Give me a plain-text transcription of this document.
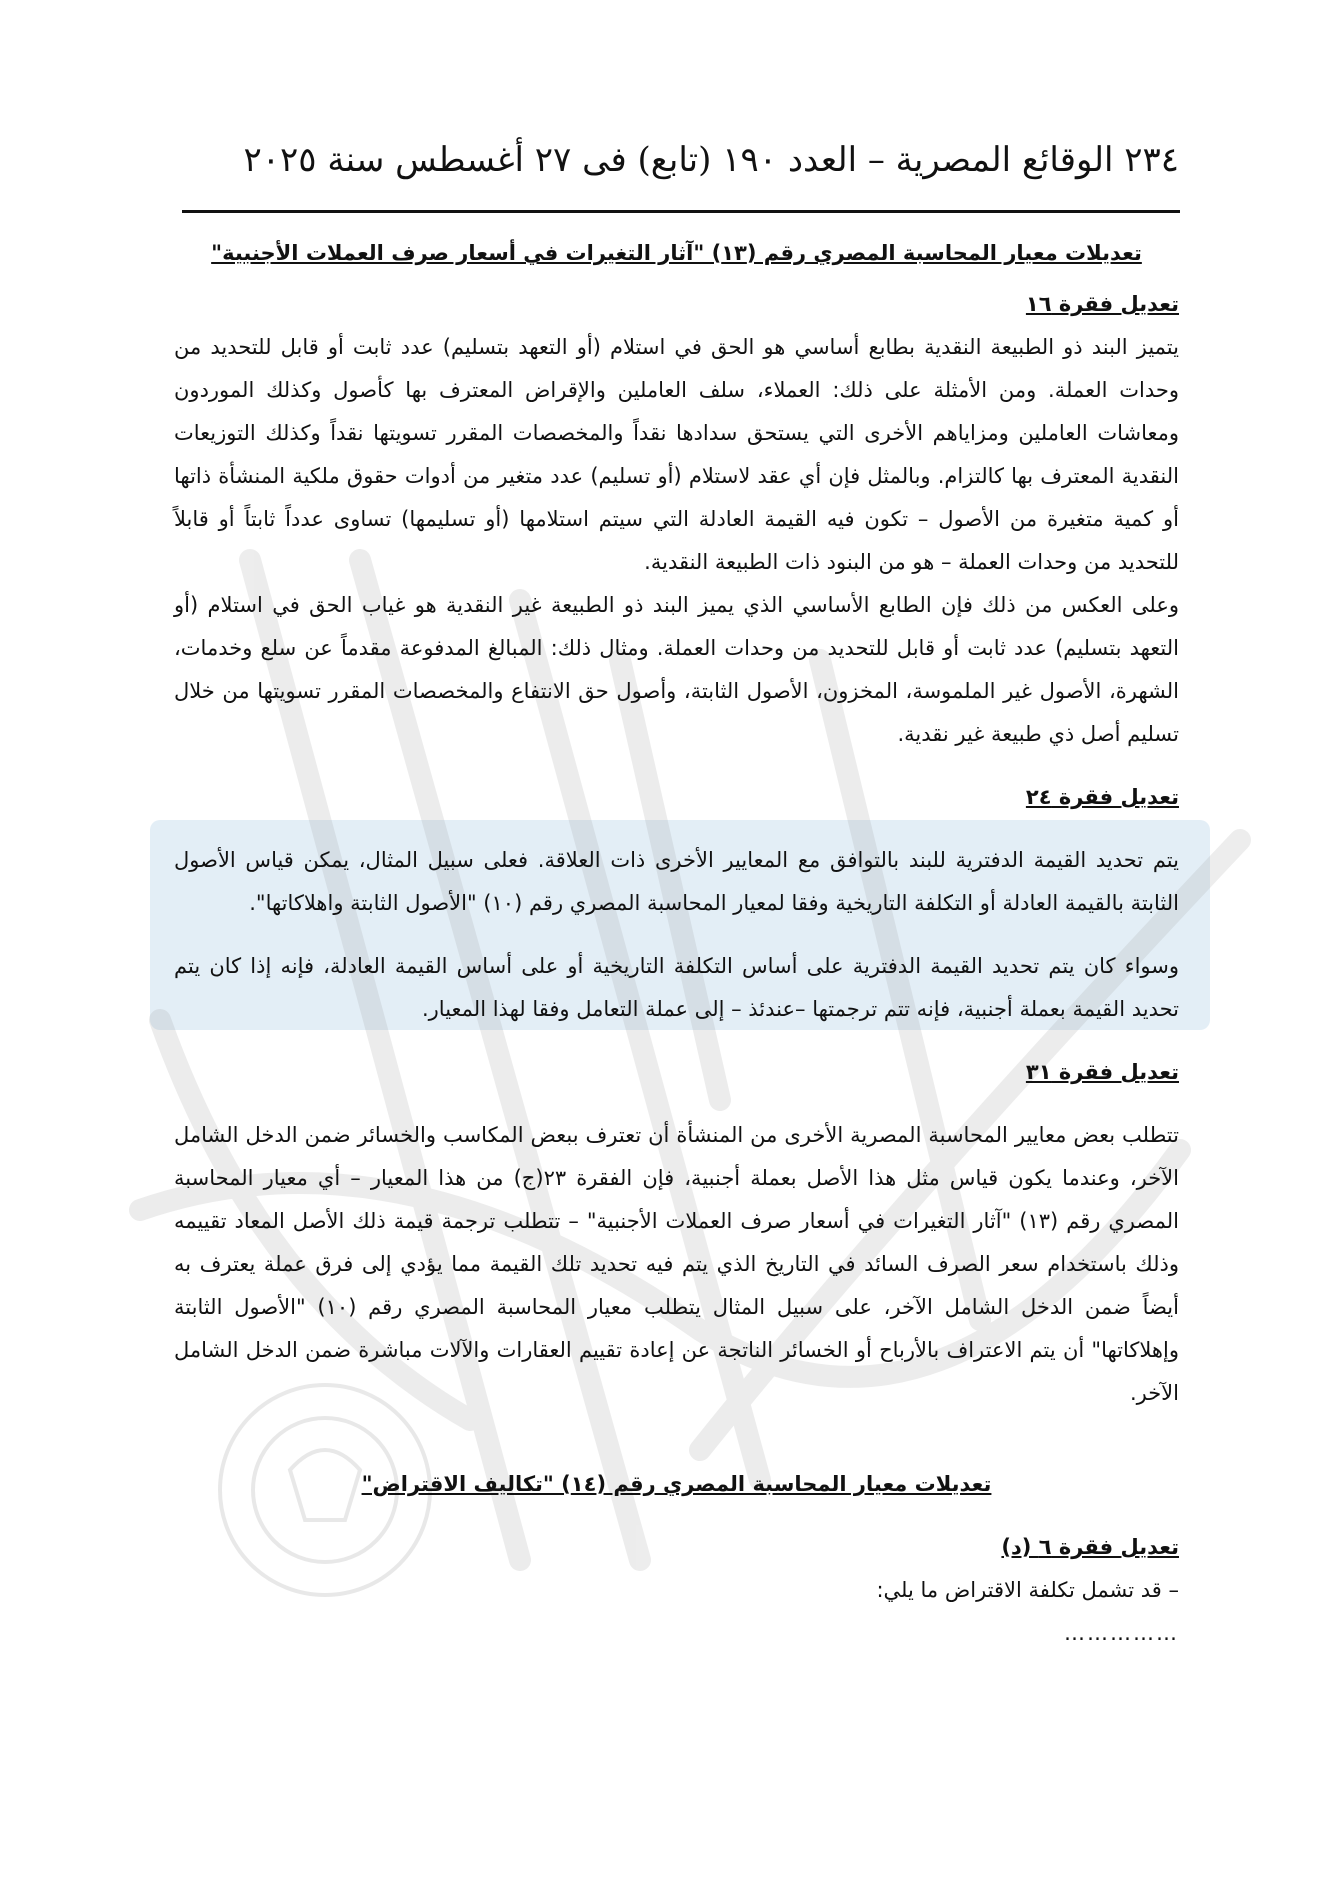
٢٣٤ الوقائع المصرية – العدد ١٩٠ (تابع) فى ٢٧ أغسطس سنة ٢٠٢٥

تعديلات معيار المحاسبة المصري رقم (١٣) "آثار التغيرات في أسعار صرف العملات الأجنبية"

تعديل فقرة ١٦

يتميز البند ذو الطبيعة النقدية بطابع أساسي هو الحق في استلام (أو التعهد بتسليم) عدد ثابت أو قابل للتحديد من وحدات العملة. ومن الأمثلة على ذلك: العملاء، سلف العاملين والإقراض المعترف بها كأصول وكذلك الموردون ومعاشات العاملين ومزاياهم الأخرى التي يستحق سدادها نقداً والمخصصات المقرر تسويتها نقداً وكذلك التوزيعات النقدية المعترف بها كالتزام. وبالمثل فإن أي عقد لاستلام (أو تسليم) عدد متغير من أدوات حقوق ملكية المنشأة ذاتها أو كمية متغيرة من الأصول – تكون فيه القيمة العادلة التي سيتم استلامها (أو تسليمها) تساوى عدداً ثابتاً أو قابلاً للتحديد من وحدات العملة – هو من البنود ذات الطبيعة النقدية.

وعلى العكس من ذلك فإن الطابع الأساسي الذي يميز البند ذو الطبيعة غير النقدية هو غياب الحق في استلام (أو التعهد بتسليم) عدد ثابت أو قابل للتحديد من وحدات العملة. ومثال ذلك: المبالغ المدفوعة مقدماً عن سلع وخدمات، الشهرة، الأصول غير الملموسة، المخزون، الأصول الثابتة، وأصول حق الانتفاع والمخصصات المقرر تسويتها من خلال تسليم أصل ذي طبيعة غير نقدية.

تعديل فقرة ٢٤

يتم تحديد القيمة الدفترية للبند بالتوافق مع المعايير الأخرى ذات العلاقة. فعلى سبيل المثال، يمكن قياس الأصول الثابتة بالقيمة العادلة أو التكلفة التاريخية وفقا لمعيار المحاسبة المصري رقم (١٠) "الأصول الثابتة واهلاكاتها".

وسواء كان يتم تحديد القيمة الدفترية على أساس التكلفة التاريخية أو على أساس القيمة العادلة، فإنه إذا كان يتم تحديد القيمة بعملة أجنبية، فإنه تتم ترجمتها –عندئذ – إلى عملة التعامل وفقا لهذا المعيار.

تعديل فقرة ٣١

تتطلب بعض معايير المحاسبة المصرية الأخرى من المنشأة أن تعترف ببعض المكاسب والخسائر ضمن الدخل الشامل الآخر، وعندما يكون قياس مثل هذا الأصل بعملة أجنبية، فإن الفقرة ٢٣(ج) من هذا المعيار – أي معيار المحاسبة المصري رقم (١٣) "آثار التغيرات في أسعار صرف العملات الأجنبية" – تتطلب ترجمة قيمة ذلك الأصل المعاد تقييمه وذلك باستخدام سعر الصرف السائد في التاريخ الذي يتم فيه تحديد تلك القيمة مما يؤدي إلى فرق عملة يعترف به أيضاً ضمن الدخل الشامل الآخر، على سبيل المثال يتطلب معيار المحاسبة المصري رقم (١٠) "الأصول الثابتة وإهلاكاتها" أن يتم الاعتراف بالأرباح أو الخسائر الناتجة عن إعادة تقييم العقارات والآلات مباشرة ضمن الدخل الشامل الآخر.

تعديلات معيار المحاسبة المصري رقم (١٤) "تكاليف الاقتراض"

تعديل فقرة ٦ (د)

– قد تشمل تكلفة الاقتراض ما يلي:

……………
